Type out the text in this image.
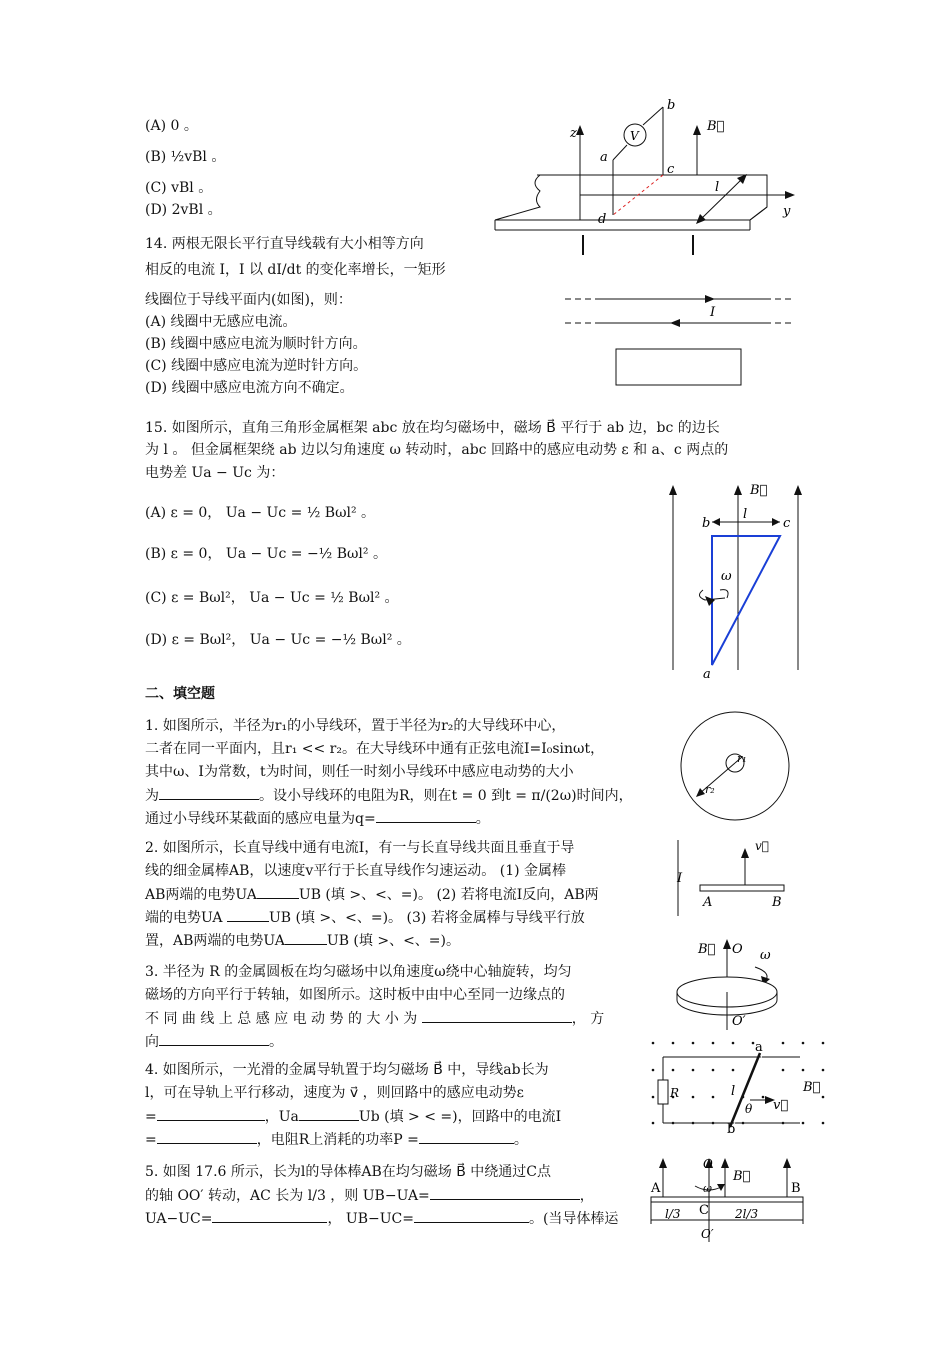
(A) 0 。
(B) ½vBl 。
(C) vBl 。
(D) 2vBl 。
z
y
V
b
a
c
d
B⃗
l
14. 两根无限长平行直导线载有大小相等方向
相反的电流 I，I 以 dI/dt 的变化率增长，一矩形
线圈位于导线平面内(如图)，则：
(A) 线圈中无感应电流。
(B) 线圈中感应电流为顺时针方向。
(C) 线圈中感应电流为逆时针方向。
(D) 线圈中感应电流方向不确定。
I
15. 如图所示，直角三角形金属框架 abc 放在均匀磁场中，磁场 B⃗ 平行于 ab 边，bc 的边长
为 l 。 但金属框架绕 ab 边以匀角速度 ω 转动时，abc 回路中的感应电动势 ε 和 a、c 两点的
电势差 Ua − Uc 为：
(A) ε = 0， Ua − Uc = ½ Bωl² 。
(B) ε = 0， Ua − Uc = −½ Bωl² 。
(C) ε = Bωl²， Ua − Uc = ½ Bωl² 。
(D) ε = Bωl²， Ua − Uc = −½ Bωl² 。
B⃗
b	c
l
ω
a
二、填空题
1. 如图所示，半径为r₁的小导线环，置于半径为r₂的大导线环中心，
二者在同一平面内，且r₁ << r₂。在大导线环中通有正弦电流I=I₀sinωt，
其中ω、I为常数，t为时间，则任一时刻小导线环中感应电动势的大小
为	。设小导线环的电阻为R，则在t = 0 到t = π/(2ω)时间内，
通过小导线环某截面的感应电量为q=	。
r₁
r₂
2. 如图所示，长直导线中通有电流I，有一与长直导线共面且垂直于导
线的细金属棒AB，以速度v平行于长直导线作匀速运动。 (1) 金属棒
AB两端的电势UA	UB (填 >、<、=)。 (2) 若将电流I反向，AB两
端的电势UA	UB (填 >、<、=)。 (3) 若将金属棒与导线平行放
置，AB两端的电势UA	UB (填 >、<、=)。
I
v⃗
A	B
3. 半径为 R 的金属圆板在均匀磁场中以角速度ω绕中心轴旋转，均匀
磁场的方向平行于转轴，如图所示。这时板中由中心至同一边缘点的
不 同 曲 线 上 总 感 应 电 动 势 的 大 小 为	， 方
向	。
B⃗ O ω
O′
4. 如图所示，一光滑的金属导轨置于均匀磁场 B⃗ 中，导线ab长为
l，可在导轨上平行移动，速度为 v⃗ ，则回路中的感应电动势ε
=	，Ua	Ub (填 > < =)，回路中的电流I
=	，电阻R上消耗的功率P =	。
R
a
b
l
θ
B⃗
v⃗
5. 如图 17.6 所示，长为l的导体棒AB在均匀磁场 B⃗ 中绕通过C点
的轴 OO′ 转动，AC 长为 l/3 ，则 UB−UA=	，
UA−UC=	， UB−UC=	。(当导体棒运
O
B⃗
A	B
ω
C
l/3	2l/3
O′
